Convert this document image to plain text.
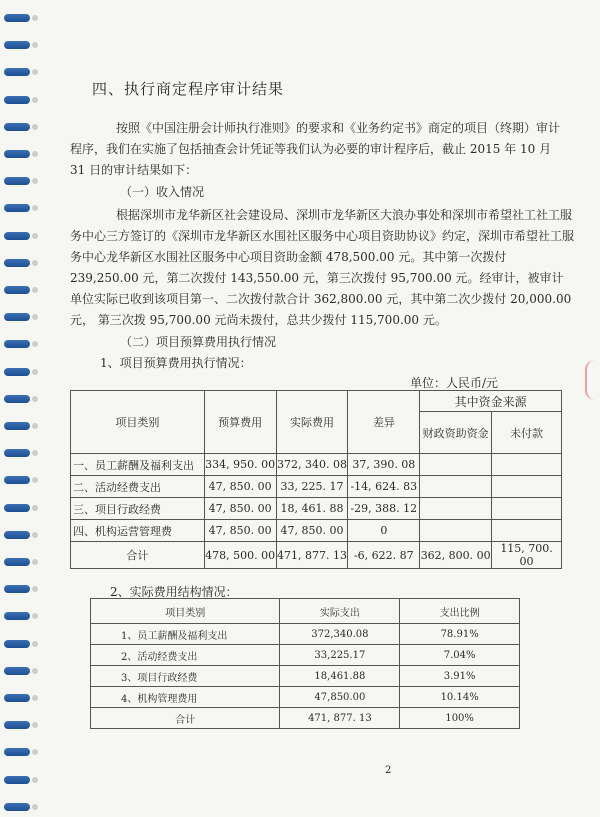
四、执行商定程序审计结果
按照《中国注册会计师执行准则》的要求和《业务约定书》商定的项目（终期）审计程序，我们在实施了包括抽查会计凭证等我们认为必要的审计程序后，截止 2015 年 10 月 31 日的审计结果如下：
（一）收入情况
根据深圳市龙华新区社会建设局、深圳市龙华新区大浪办事处和深圳市希望社工社工服务中心三方签订的《深圳市龙华新区水围社区服务中心项目资助协议》约定，深圳市希望社工服务中心龙华新区水围社区服务中心项目资助金额 478,500.00 元。其中第一次拨付 239,250.00 元，第二次拨付 143,550.00 元，第三次拨付 95,700.00 元。经审计，被审计单位实际已收到该项目第一、二次拨付款合计 362,800.00 元，其中第二次少拨付 20,000.00 元， 第三次拨 95,700.00 元尚未拨付，总共少拨付 115,700.00 元。
（二）项目预算费用执行情况
1、项目预算费用执行情况：
单位：人民币/元
项目类别	预算费用	实际费用	差异	其中资金来源	
				财政资助资金	未付款
一、员工薪酬及福利支出	334, 950. 00	372, 340. 08	37, 390. 08		
二、活动经费支出	47, 850. 00	33, 225. 17	-14, 624. 83		
三、项目行政经费	47, 850. 00	18, 461. 88	-29, 388. 12		
四、机构运营管理费	47, 850. 00	47, 850. 00	0		
合计	478, 500. 00	471, 877. 13	-6, 622. 87	362, 800. 00	115, 700. 00
2、实际费用结构情况：
项目类别	实际支出	支出比例
1、员工薪酬及福利支出	372,340.08	78.91%
2、活动经费支出	33,225.17	7.04%
3、项目行政经费	18,461.88	3.91%
4、机构管理费用	47,850.00	10.14%
合计	471, 877. 13	100%
2
